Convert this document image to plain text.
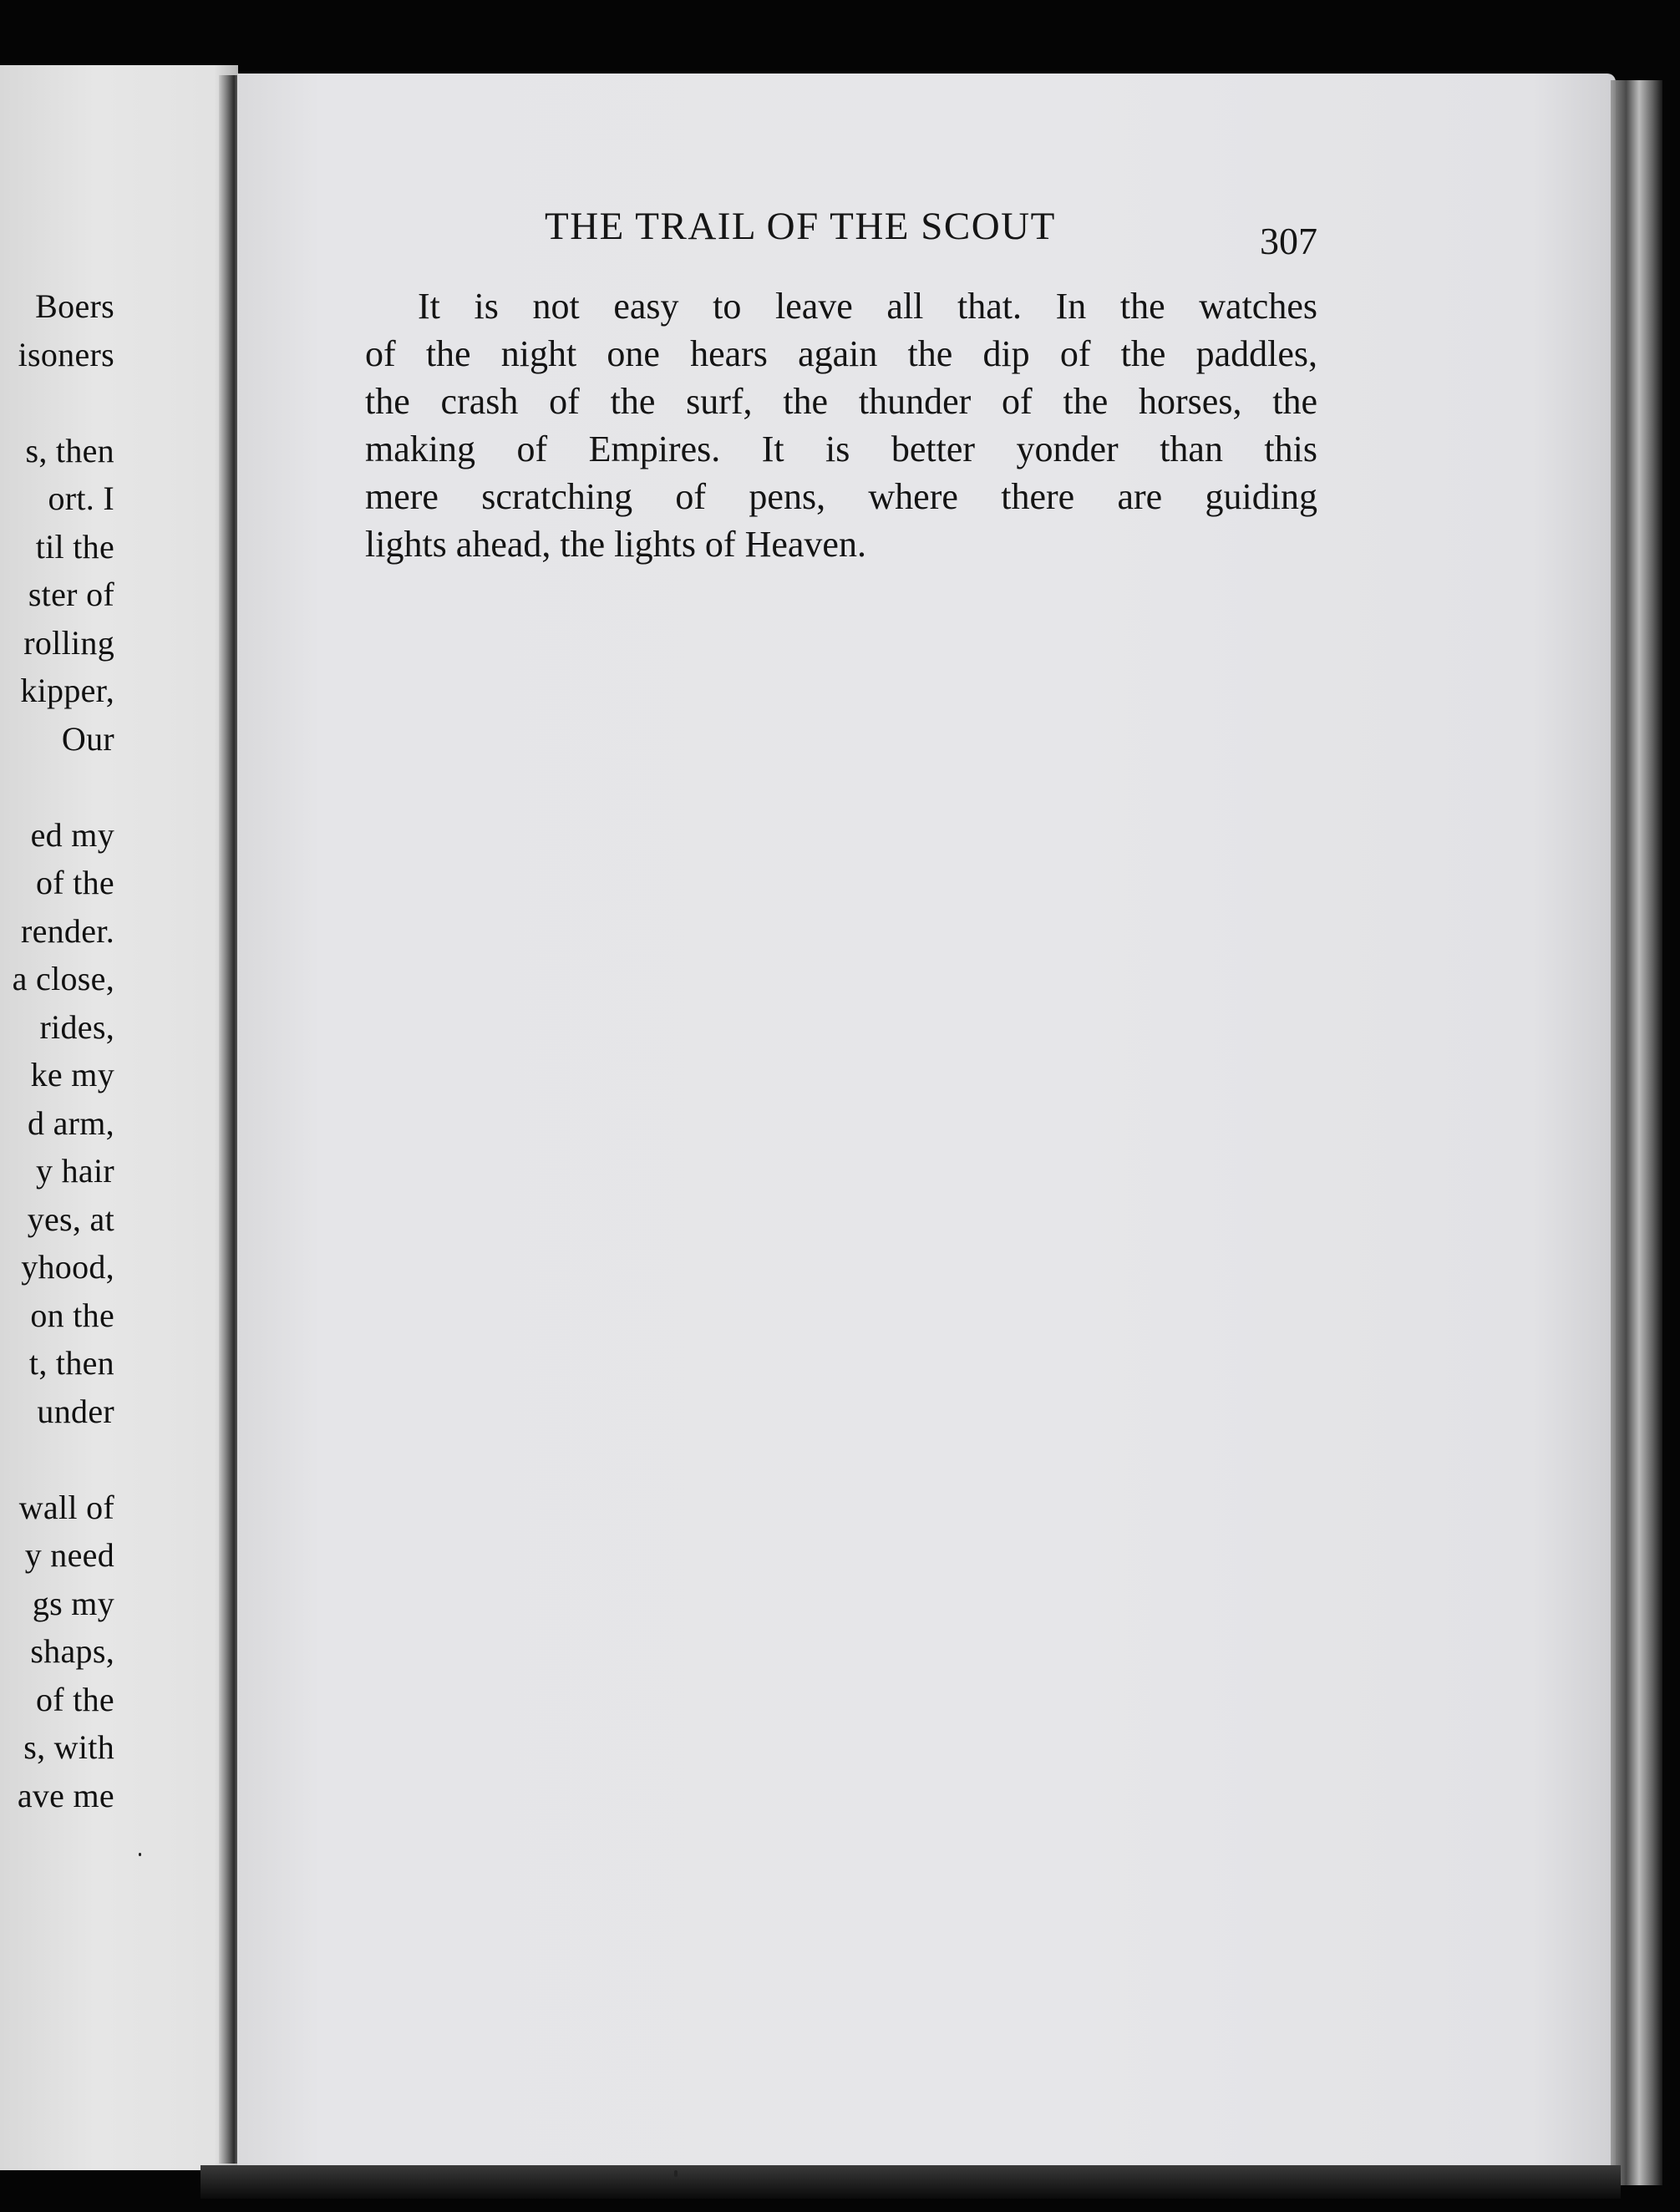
Boers
isoners
s, then
ort. I
til the
ster of
rolling
kipper,
Our
ed my
of the
render.
a close,
rides,
ke my
d arm,
y hair
yes, at
yhood,
on the
t, then
under
wall of
y need
gs my
shaps,
of the
s, with
ave me
THE TRAIL OF THE SCOUT	307
It is not easy to leave all that. In the watches
of the night one hears again the dip of the paddles,
the crash of the surf, the thunder of the horses, the
making of Empires. It is better yonder than this
mere scratching of pens, where there are guiding
lights ahead, the lights of Heaven.
